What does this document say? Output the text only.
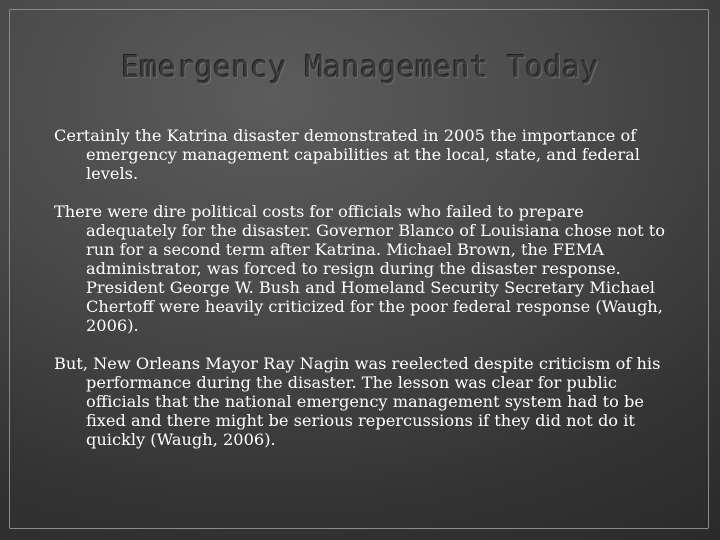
Emergency Management Today

Certainly the Katrina disaster demonstrated in 2005 the importance of emergency management capabilities at the local, state, and federal levels.

There were dire political costs for officials who failed to prepare adequately for the disaster. Governor Blanco of Louisiana chose not to run for a second term after Katrina. Michael Brown, the FEMA administrator, was forced to resign during the disaster response. President George W. Bush and Homeland Security Secretary Michael Chertoff were heavily criticized for the poor federal response (Waugh, 2006).

But, New Orleans Mayor Ray Nagin was reelected despite criticism of his performance during the disaster. The lesson was clear for public officials that the national emergency management system had to be fixed and there might be serious repercussions if they did not do it quickly (Waugh, 2006).
